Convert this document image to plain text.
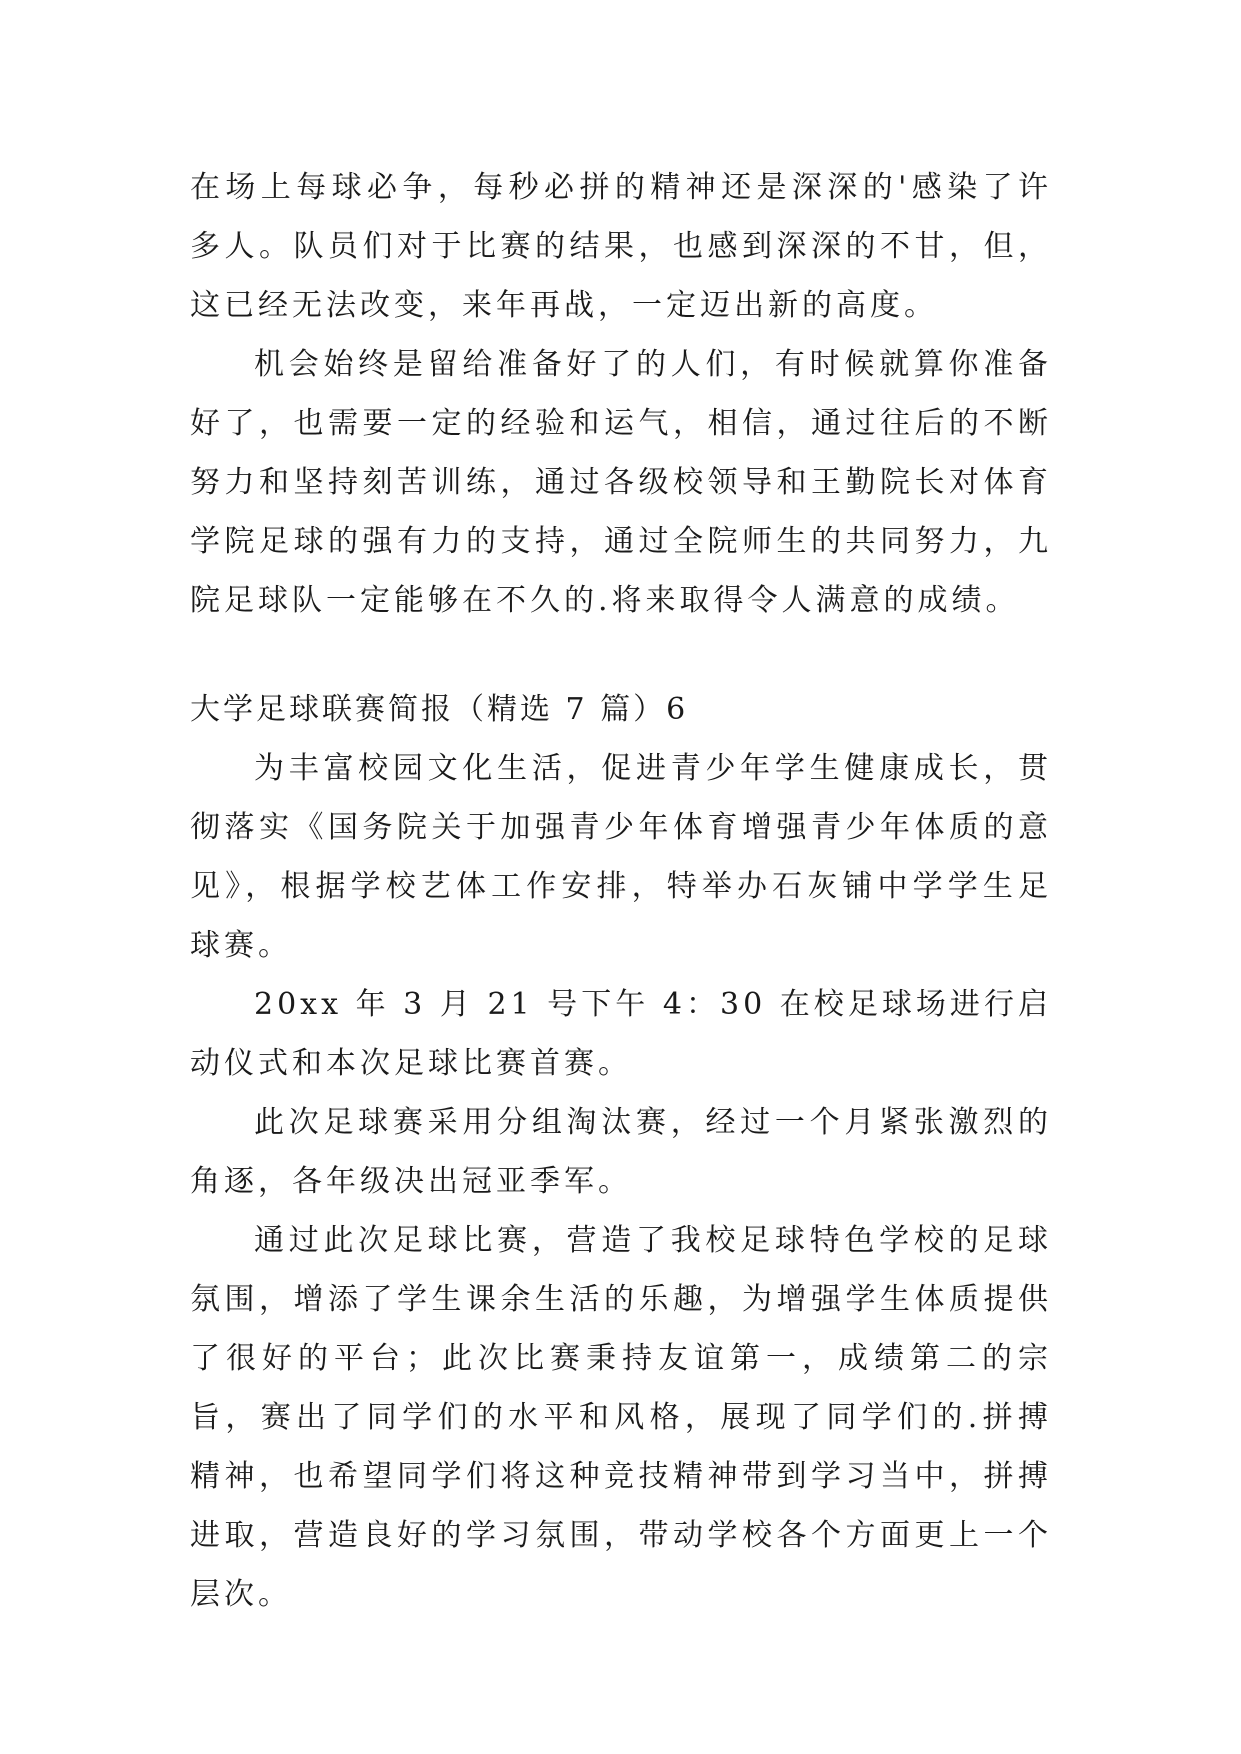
在场上每球必争，每秒必拼的精神还是深深的'感染了许多人。队员们对于比赛的结果，也感到深深的不甘，但，这已经无法改变，来年再战，一定迈出新的高度。

机会始终是留给准备好了的人们，有时候就算你准备好了，也需要一定的经验和运气，相信，通过往后的不断努力和坚持刻苦训练，通过各级校领导和王勤院长对体育学院足球的强有力的支持，通过全院师生的共同努力，九院足球队一定能够在不久的.将来取得令人满意的成绩。

大学足球联赛简报（精选 7 篇）6

为丰富校园文化生活，促进青少年学生健康成长，贯彻落实《国务院关于加强青少年体育增强青少年体质的意见》，根据学校艺体工作安排，特举办石灰铺中学学生足球赛。

20xx 年 3 月 21 号下午 4：30 在校足球场进行启动仪式和本次足球比赛首赛。

此次足球赛采用分组淘汰赛，经过一个月紧张激烈的角逐，各年级决出冠亚季军。

通过此次足球比赛，营造了我校足球特色学校的足球氛围，增添了学生课余生活的乐趣，为增强学生体质提供了很好的平台；此次比赛秉持友谊第一，成绩第二的宗旨，赛出了同学们的水平和风格，展现了同学们的.拼搏精神，也希望同学们将这种竞技精神带到学习当中，拼搏进取，营造良好的学习氛围，带动学校各个方面更上一个层次。
